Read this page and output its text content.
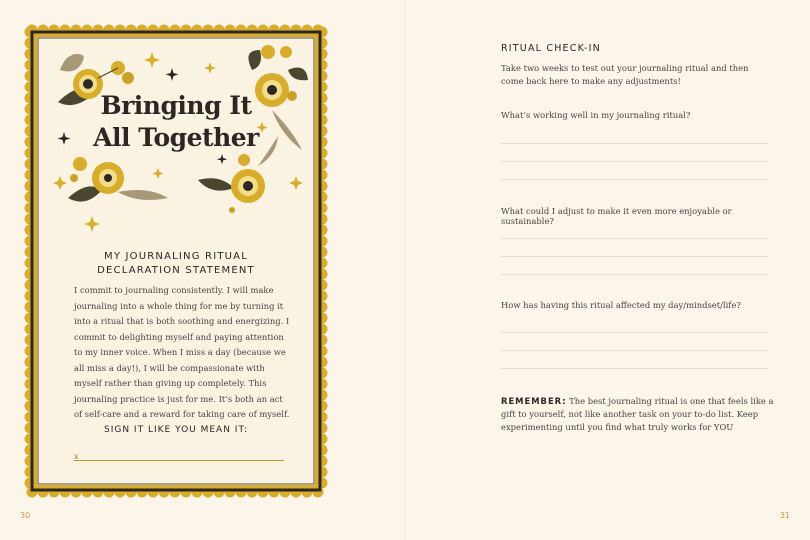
Bringing It
All Together
MY JOURNALING RITUAL
DECLARATION STATEMENT
I commit to journaling consistently. I will make journaling into a whole thing for me by turning it into a ritual that is both soothing and energizing. I commit to delighting myself and paying attention to my inner voice. When I miss a day (because we all miss a day!), I will be compassionate with myself rather than giving up completely. This journaling practice is just for me. It’s both an act of self-care and a reward for taking care of myself.
SIGN IT LIKE YOU MEAN IT:
x
30
RITUAL CHECK-IN
Take two weeks to test out your journaling ritual and then come back here to make any adjustments!
What’s working well in my journaling ritual?
What could I adjust to make it even more enjoyable or sustainable?
How has having this ritual affected my day/mindset/life?
REMEMBER: The best journaling ritual is one that feels like a gift to yourself, not like another task on your to-do list. Keep experimenting until you find what truly works for YOU
31
